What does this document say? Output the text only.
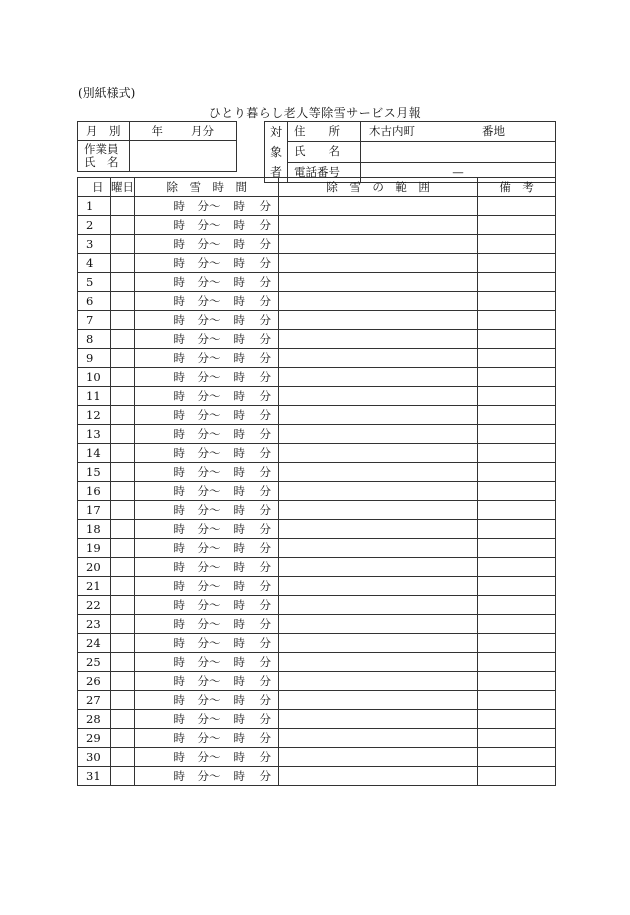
(別紙様式)
ひとり暮らし老人等除雪サービス月報
月　別	年 月分

作業員
氏　名	

対
象
者	住　　所	木古内町 番地

	氏　　名	
	電話番号	—
日	曜日	除　雪　時　間	除　雪　の　範　囲	備　考
1		時 分～ 時 分		

2		時 分～ 時 分		

3		時 分～ 時 分		

4		時 分～ 時 分		

5		時 分～ 時 分		

6		時 分～ 時 分		

7		時 分～ 時 分		

8		時 分～ 時 分		

9		時 分～ 時 分		

10		時 分～ 時 分		

11		時 分～ 時 分		

12		時 分～ 時 分		

13		時 分～ 時 分		

14		時 分～ 時 分		

15		時 分～ 時 分		

16		時 分～ 時 分		

17		時 分～ 時 分		

18		時 分～ 時 分		

19		時 分～ 時 分		

20		時 分～ 時 分		

21		時 分～ 時 分		

22		時 分～ 時 分		

23		時 分～ 時 分		

24		時 分～ 時 分		

25		時 分～ 時 分		

26		時 分～ 時 分		

27		時 分～ 時 分		

28		時 分～ 時 分		

29		時 分～ 時 分		

30		時 分～ 時 分		

31		時 分～ 時 分		
